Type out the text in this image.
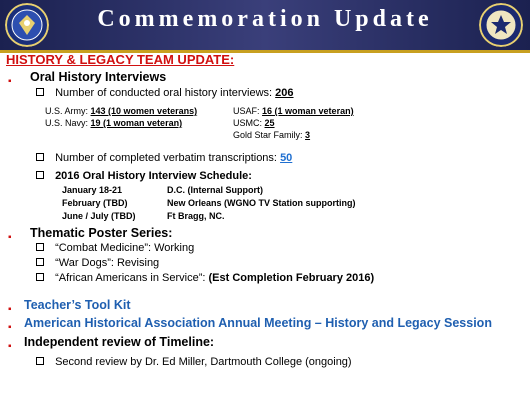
Commemoration Update
HISTORY & LEGACY TEAM UPDATE:
▪ Oral History Interviews
Number of conducted oral history interviews: 206
U.S. Army: 143 (10 women veterans)
U.S. Navy: 19 (1 woman veteran)
USAF: 16 (1 woman veteran)
USMC: 25
Gold Star Family: 3
Number of completed verbatim transcriptions: 50
2016 Oral History Interview Schedule:
January 18-21	D.C. (Internal Support)
February (TBD)	New Orleans (WGNO TV Station supporting)
June / July (TBD)	Ft Bragg, NC.
▪ Thematic Poster Series:
“Combat Medicine”: Working
“War Dogs”: Revising
“African Americans in Service”: (Est Completion February 2016)
▪ Teacher’s Tool Kit
▪ American Historical Association Annual Meeting – History and Legacy Session
▪ Independent review of Timeline:
Second review by Dr. Ed Miller, Dartmouth College (ongoing)
